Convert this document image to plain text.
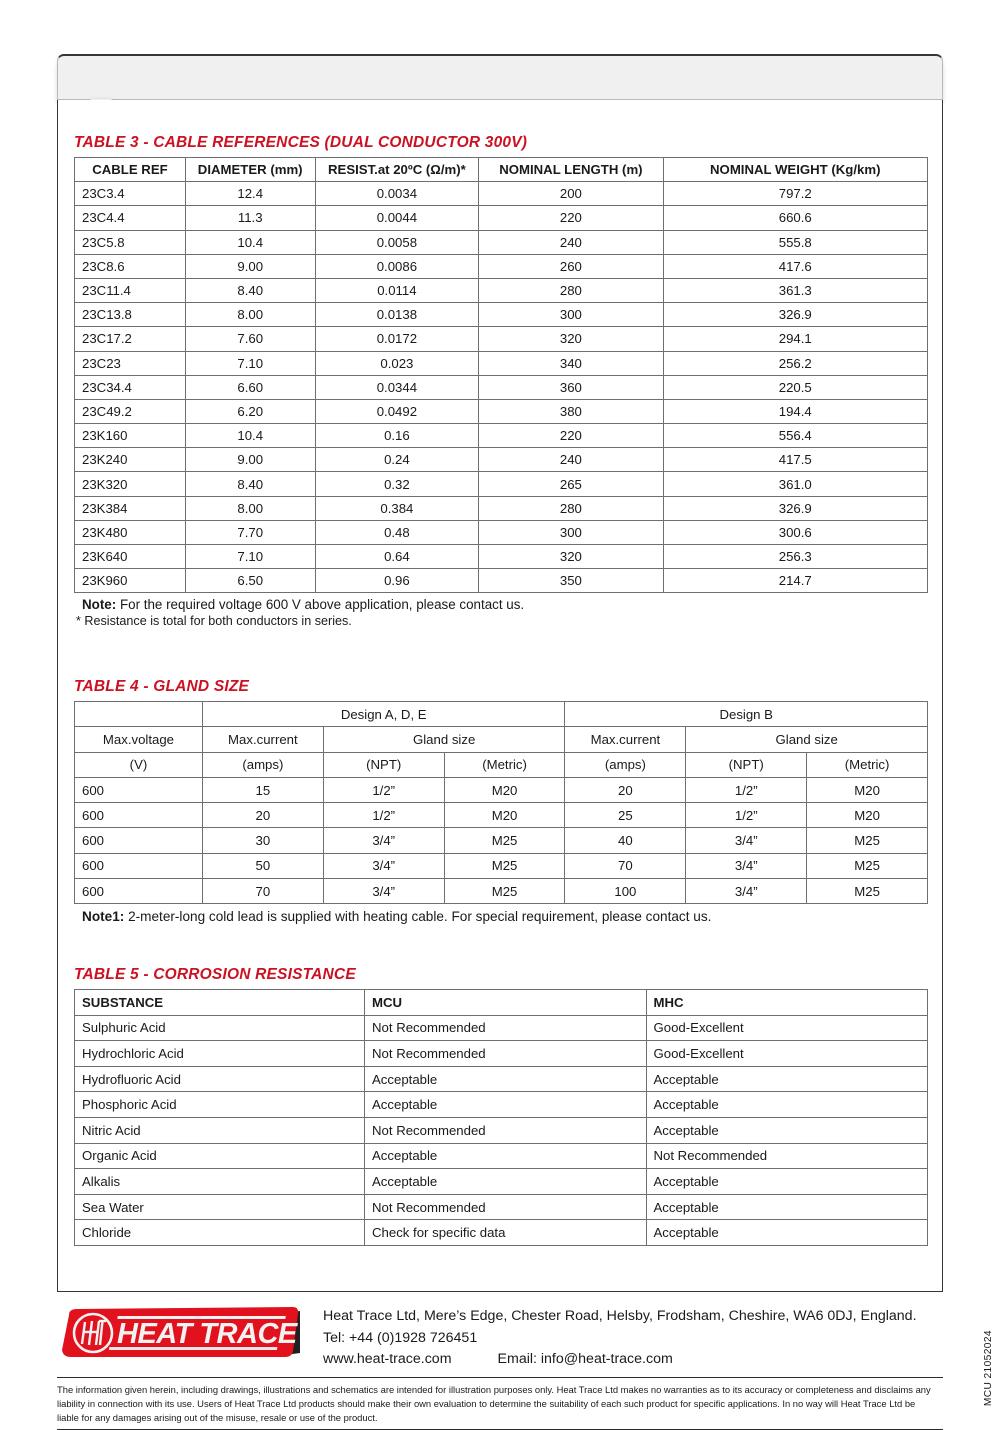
TABLE 3 - CABLE REFERENCES (DUAL CONDUCTOR 300V)
CABLE REF	DIAMETER (mm)	RESIST.at 20ºC (Ω/m)*	NOMINAL LENGTH (m)	NOMINAL WEIGHT (Kg/km)
23C3.4	12.4	0.0034	200	797.2
23C4.4	11.3	0.0044	220	660.6
23C5.8	10.4	0.0058	240	555.8
23C8.6	9.00	0.0086	260	417.6
23C11.4	8.40	0.0114	280	361.3
23C13.8	8.00	0.0138	300	326.9
23C17.2	7.60	0.0172	320	294.1
23C23	7.10	0.023	340	256.2
23C34.4	6.60	0.0344	360	220.5
23C49.2	6.20	0.0492	380	194.4
23K160	10.4	0.16	220	556.4
23K240	9.00	0.24	240	417.5
23K320	8.40	0.32	265	361.0
23K384	8.00	0.384	280	326.9
23K480	7.70	0.48	300	300.6
23K640	7.10	0.64	320	256.3
23K960	6.50	0.96	350	214.7
Note: For the required voltage 600 V above application, please contact us.
* Resistance is total for both conductors in series.
TABLE 4 - GLAND SIZE
	Design A, D, E			Design B		
Max.voltage	Max.current	Gland size		Max.current	Gland size	
(V)	(amps)	(NPT)	(Metric)	(amps)	(NPT)	(Metric)
600	15	1/2”	M20	20	1/2”	M20
600	20	1/2”	M20	25	1/2”	M20
600	30	3/4”	M25	40	3/4”	M25
600	50	3/4”	M25	70	3/4”	M25
600	70	3/4”	M25	100	3/4”	M25
Note1: 2-meter-long cold lead is supplied with heating cable. For special requirement, please contact us.
TABLE 5 - CORROSION RESISTANCE
SUBSTANCE	MCU	MHC
Sulphuric Acid	Not Recommended	Good-Excellent
Hydrochloric Acid	Not Recommended	Good-Excellent
Hydrofluoric Acid	Acceptable	Acceptable
Phosphoric Acid	Acceptable	Acceptable
Nitric Acid	Not Recommended	Acceptable
Organic Acid	Acceptable	Not Recommended
Alkalis	Acceptable	Acceptable
Sea Water	Not Recommended	Acceptable
Chloride	Check for specific data	Acceptable
HEAT TRACE
Heat Trace Ltd, Mere’s Edge, Chester Road, Helsby, Frodsham, Cheshire, WA6 0DJ, England.
Tel: +44 (0)1928 726451
www.heat-trace.com	Email: info@heat-trace.com
The information given herein, including drawings, illustrations and schematics are intended for illustration purposes only. Heat Trace Ltd makes no warranties as to its accuracy or completeness and disclaims any liability in connection with its use. Users of Heat Trace Ltd products should make their own evaluation to determine the suitability of each such product for specific applications. In no way will Heat Trace Ltd be liable for any damages arising out of the misuse, resale or use of the product.
MCU 21052024
